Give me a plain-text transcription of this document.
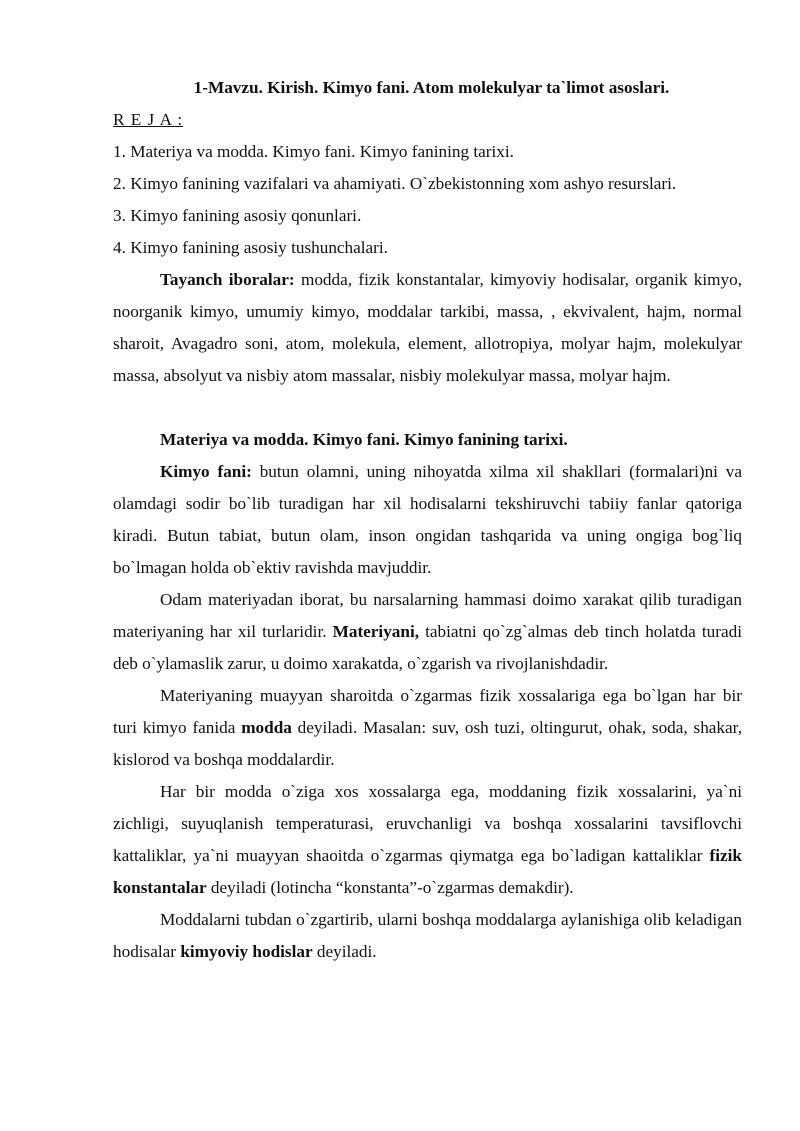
1-Mavzu. Kirish. Kimyo fani. Atom molekulyar ta`limot asoslari.

R E J A :

1. Materiya va modda. Kimyo fani. Kimyo fanining tarixi.

2. Kimyo fanining vazifalari va ahamiyati. O`zbekistonning xom ashyo resurslari.

3. Kimyo fanining asosiy qonunlari.

4. Kimyo fanining asosiy tushunchalari.

Tayanch iboralar: modda, fizik konstantalar, kimyoviy hodisalar, organik kimyo, noorganik kimyo, umumiy kimyo, moddalar tarkibi, massa, , ekvivalent, hajm, normal sharoit, Avagadro soni, atom, molekula, element, allotropiya, molyar hajm, molekulyar massa, absolyut va nisbiy atom massalar, nisbiy molekulyar massa, molyar hajm.

Materiya va modda. Kimyo fani. Kimyo fanining tarixi.

Kimyo fani: butun olamni, uning nihoyatda xilma xil shakllari (formalari)ni va olamdagi sodir bo`lib turadigan har xil hodisalarni tekshiruvchi tabiiy fanlar qatoriga kiradi. Butun tabiat, butun olam, inson ongidan tashqarida va uning ongiga bog`liq bo`lmagan holda ob`ektiv ravishda mavjuddir.

Odam materiyadan iborat, bu narsalarning hammasi doimo xarakat qilib turadigan materiyaning har xil turlaridir. Materiyani, tabiatni qo`zg`almas deb tinch holatda turadi deb o`ylamaslik zarur, u doimo xarakatda, o`zgarish va rivojlanishdadir.

Materiyaning muayyan sharoitda o`zgarmas fizik xossalariga ega bo`lgan har bir turi kimyo fanida modda deyiladi. Masalan: suv, osh tuzi, oltingurut, ohak, soda, shakar, kislorod va boshqa moddalardir.

Har bir modda o`ziga xos xossalarga ega, moddaning fizik xossalarini, ya`ni zichligi, suyuqlanish temperaturasi, eruvchanligi va boshqa xossalarini tavsiflovchi kattaliklar, ya`ni muayyan shaoitda o`zgarmas qiymatga ega bo`ladigan kattaliklar fizik konstantalar deyiladi (lotincha “konstanta”-o`zgarmas demakdir).

Moddalarni tubdan o`zgartirib, ularni boshqa moddalarga aylanishiga olib keladigan hodisalar kimyoviy hodislar deyiladi.
